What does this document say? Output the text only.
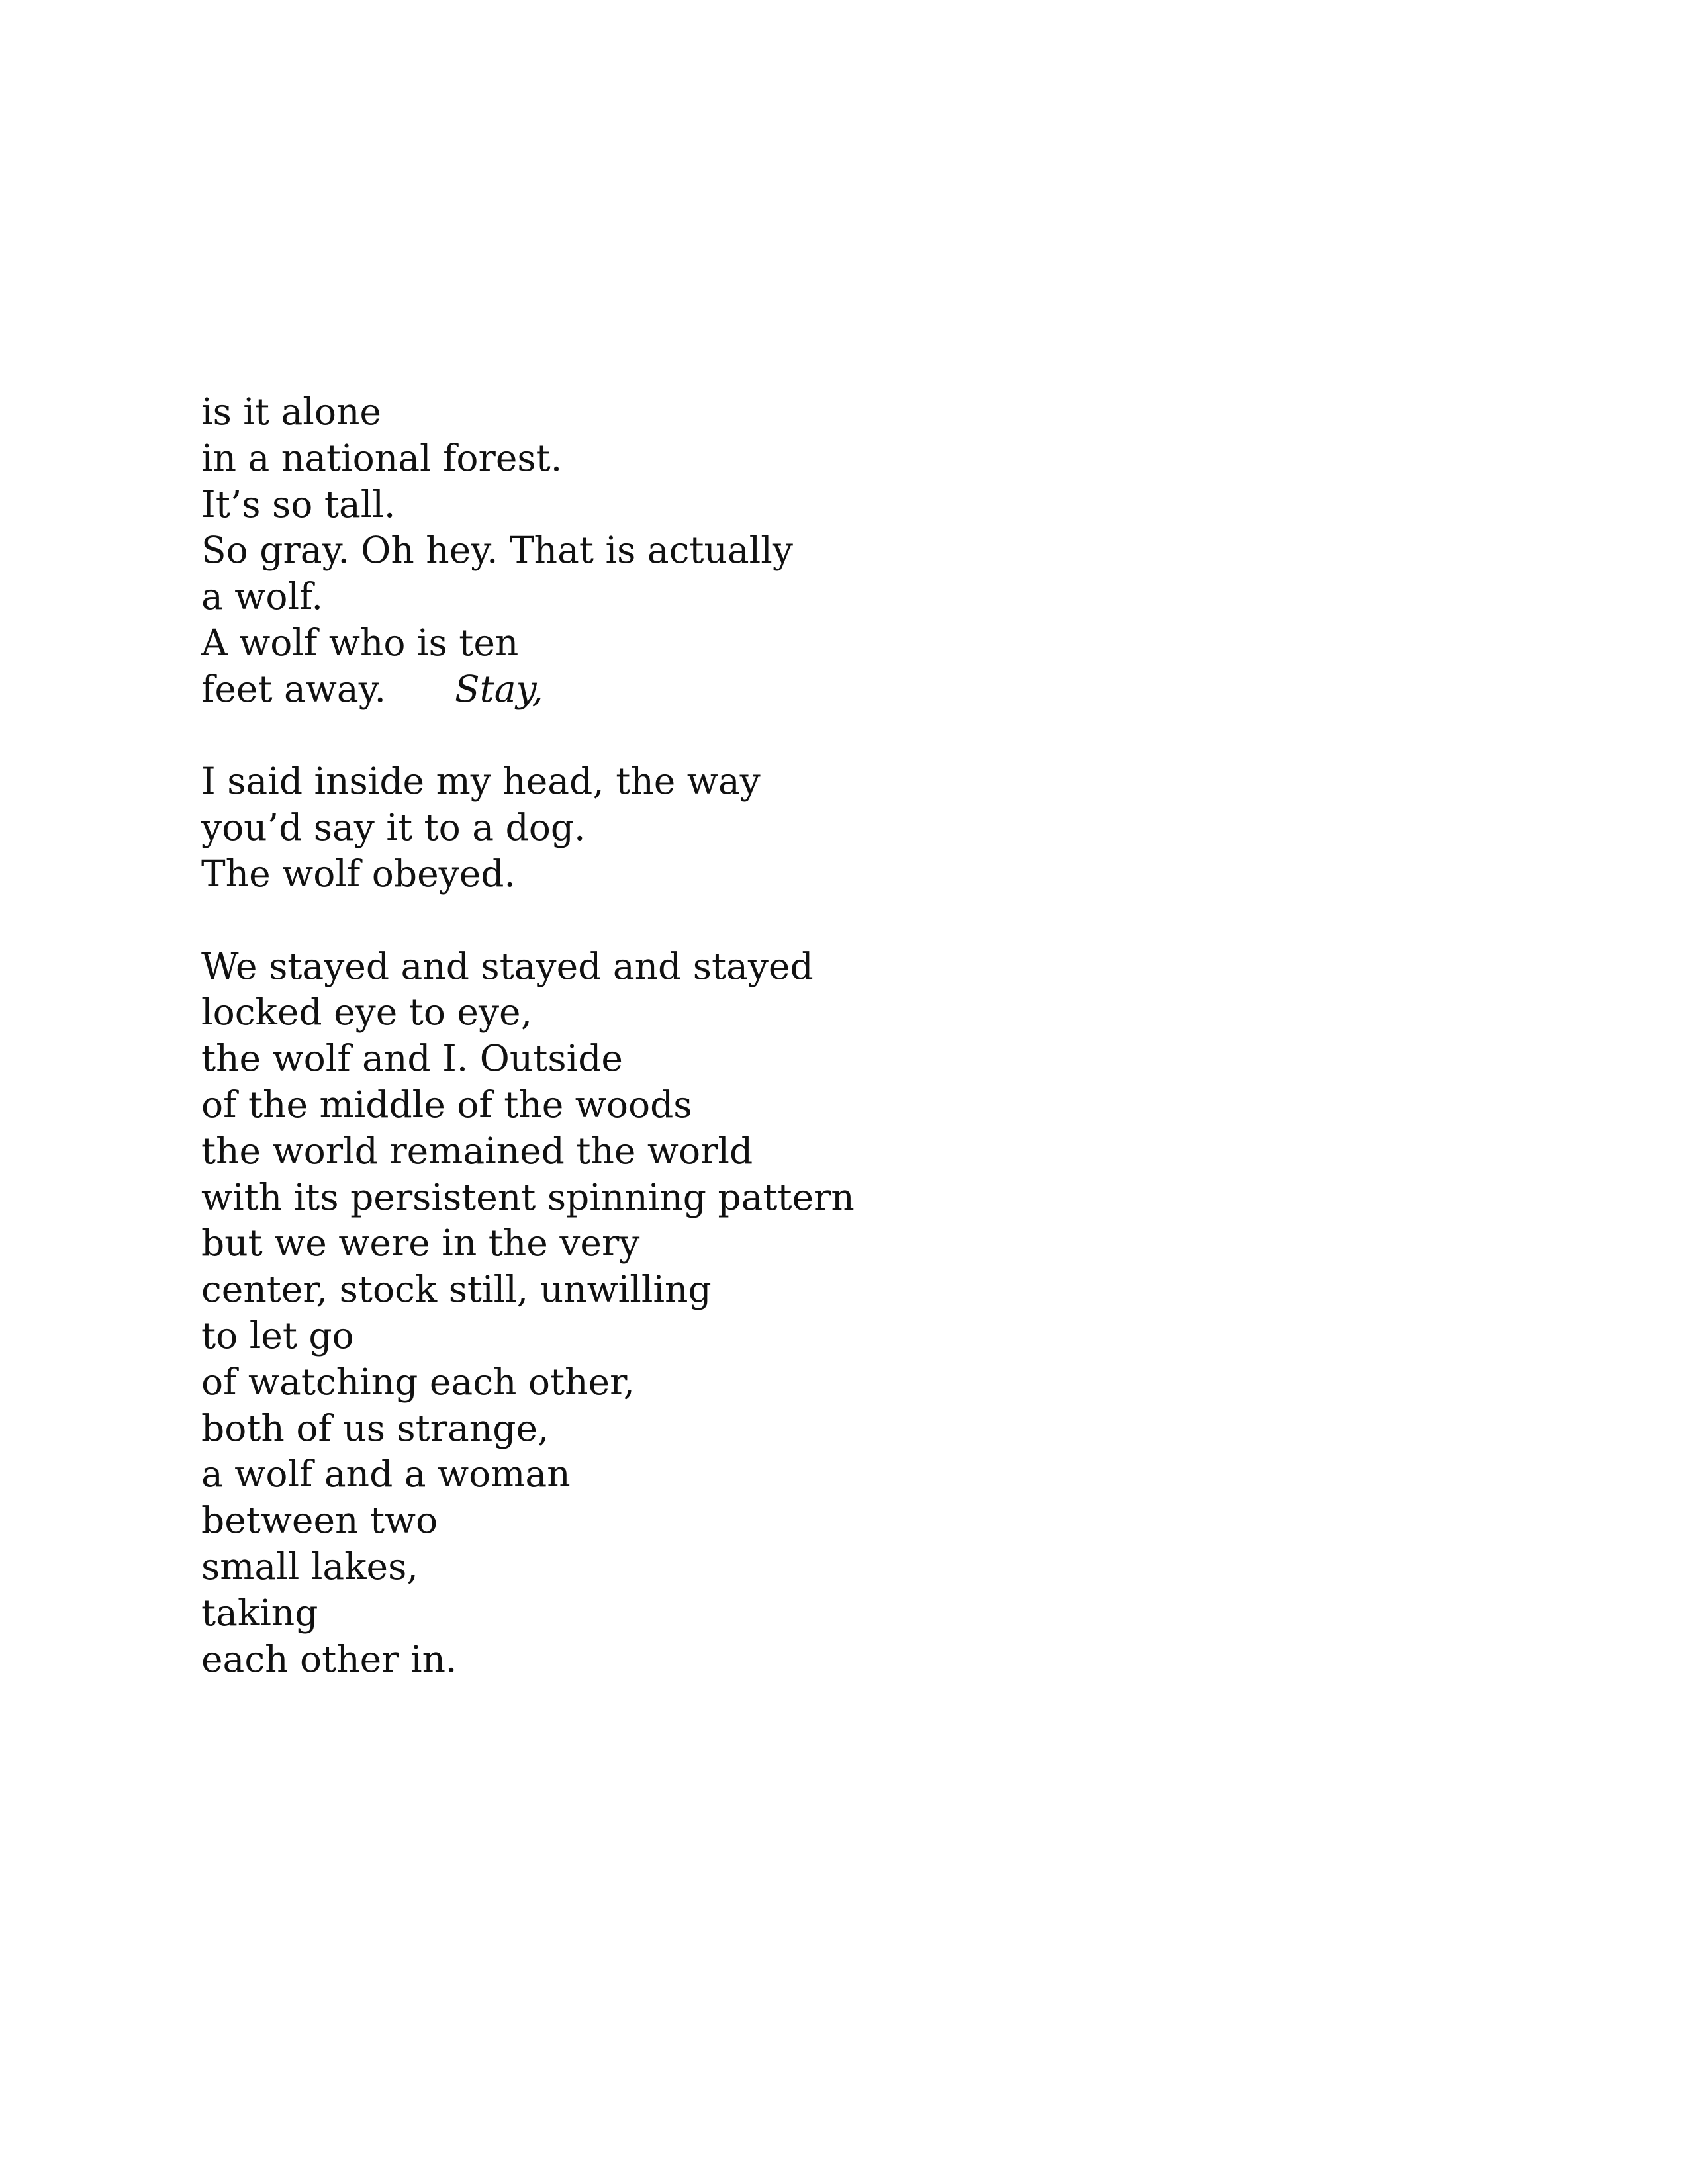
is it alone
in a national forest.
It’s so tall.
So gray. Oh hey. That is actually
a wolf.
A wolf who is ten
feet away. Stay,
I said inside my head, the way
you’d say it to a dog.
The wolf obeyed.
We stayed and stayed and stayed
locked eye to eye,
the wolf and I. Outside
of the middle of the woods
the world remained the world
with its persistent spinning pattern
but we were in the very
center, stock still, unwilling
to let go
of watching each other,
both of us strange,
a wolf and a woman
between two
small lakes,
taking
each other in.
